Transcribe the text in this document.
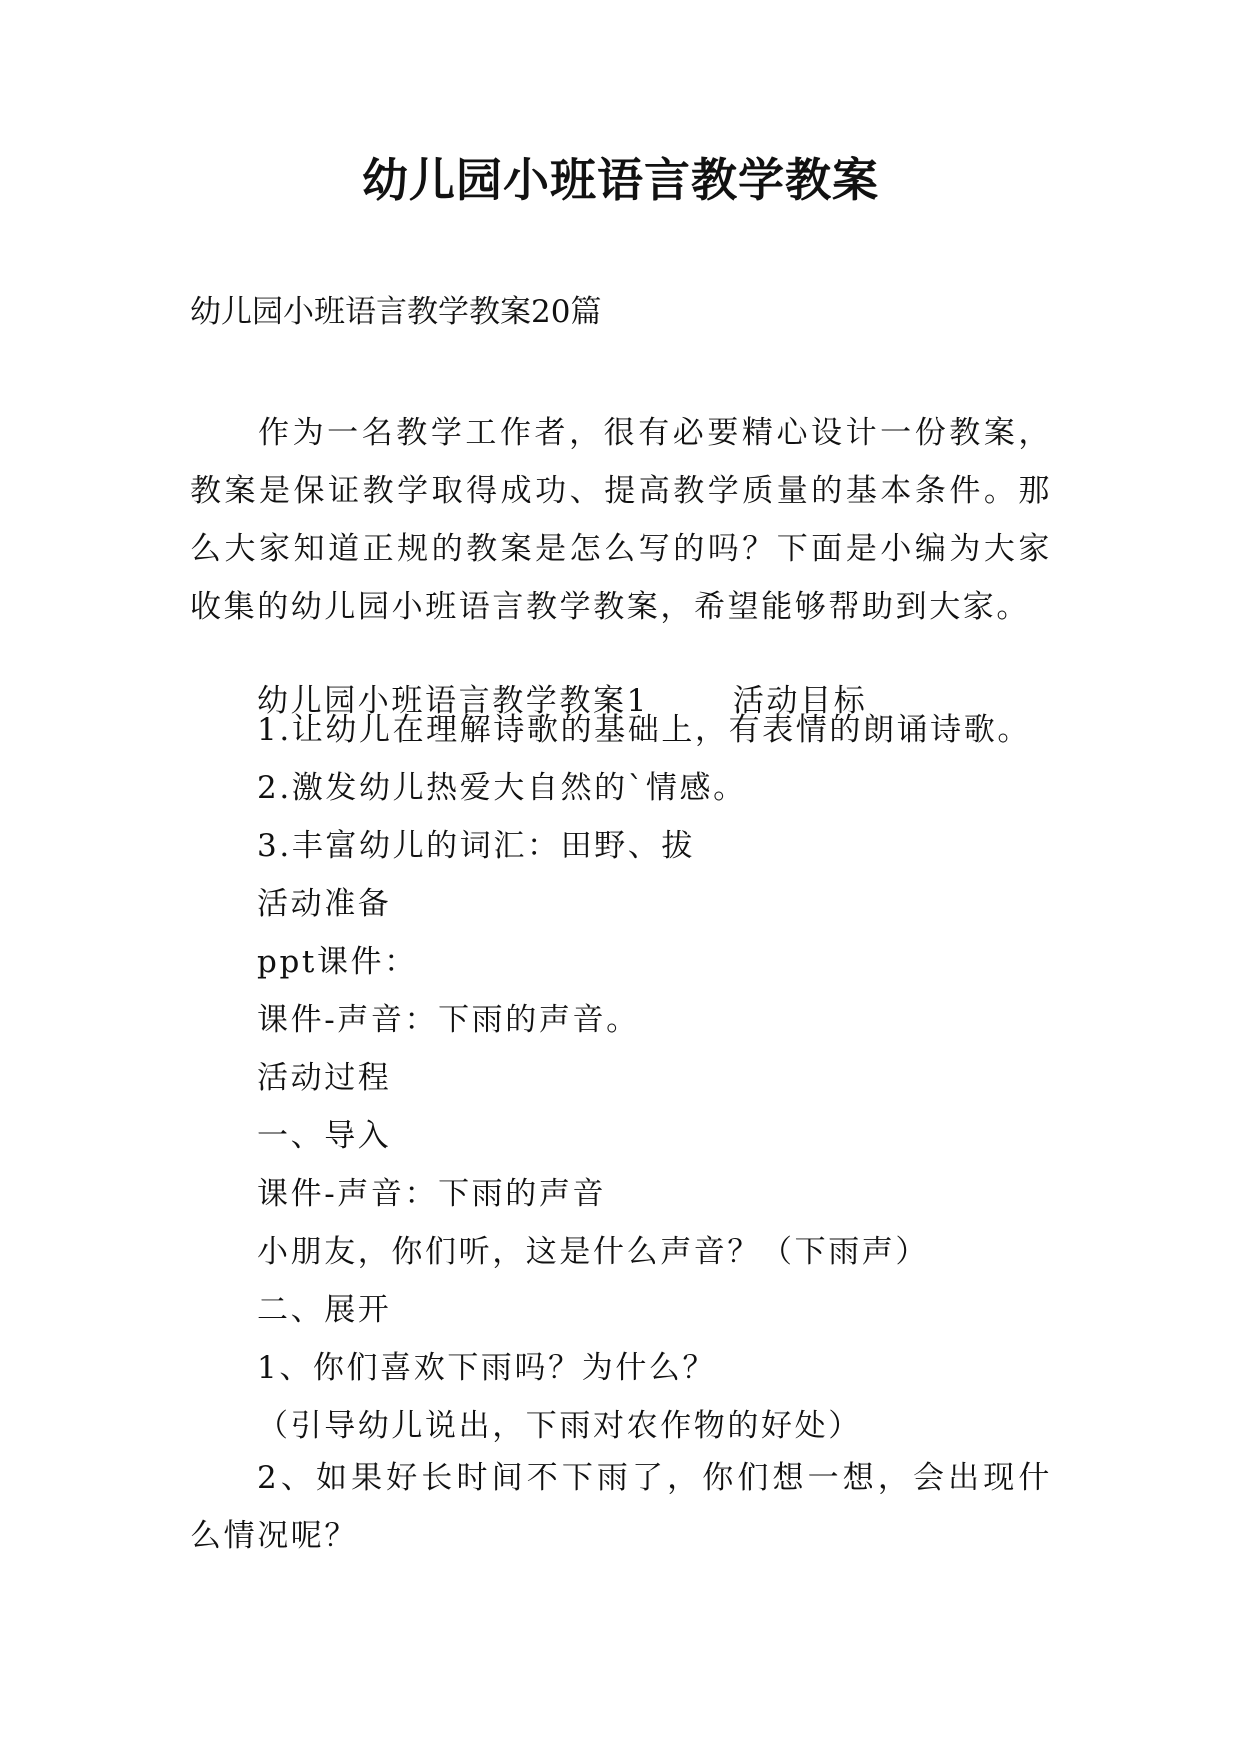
幼儿园小班语言教学教案

幼儿园小班语言教学教案20篇

作为一名教学工作者，很有必要精心设计一份教案，教案是保证教学取得成功、提高教学质量的基本条件。那么大家知道正规的教案是怎么写的吗？下面是小编为大家收集的幼儿园小班语言教学教案，希望能够帮助到大家。

幼儿园小班语言教学教案1	活动目标

1.让幼儿在理解诗歌的基础上，有表情的朗诵诗歌。

2.激发幼儿热爱大自然的`情感。

3.丰富幼儿的词汇：田野、拔

活动准备

ppt课件：

课件-声音：下雨的声音。

活动过程

一、导入

课件-声音：下雨的声音

小朋友，你们听，这是什么声音？（下雨声）

二、展开

1、你们喜欢下雨吗？为什么？

（引导幼儿说出，下雨对农作物的好处）

2、如果好长时间不下雨了，你们想一想，会出现什么情况呢？
